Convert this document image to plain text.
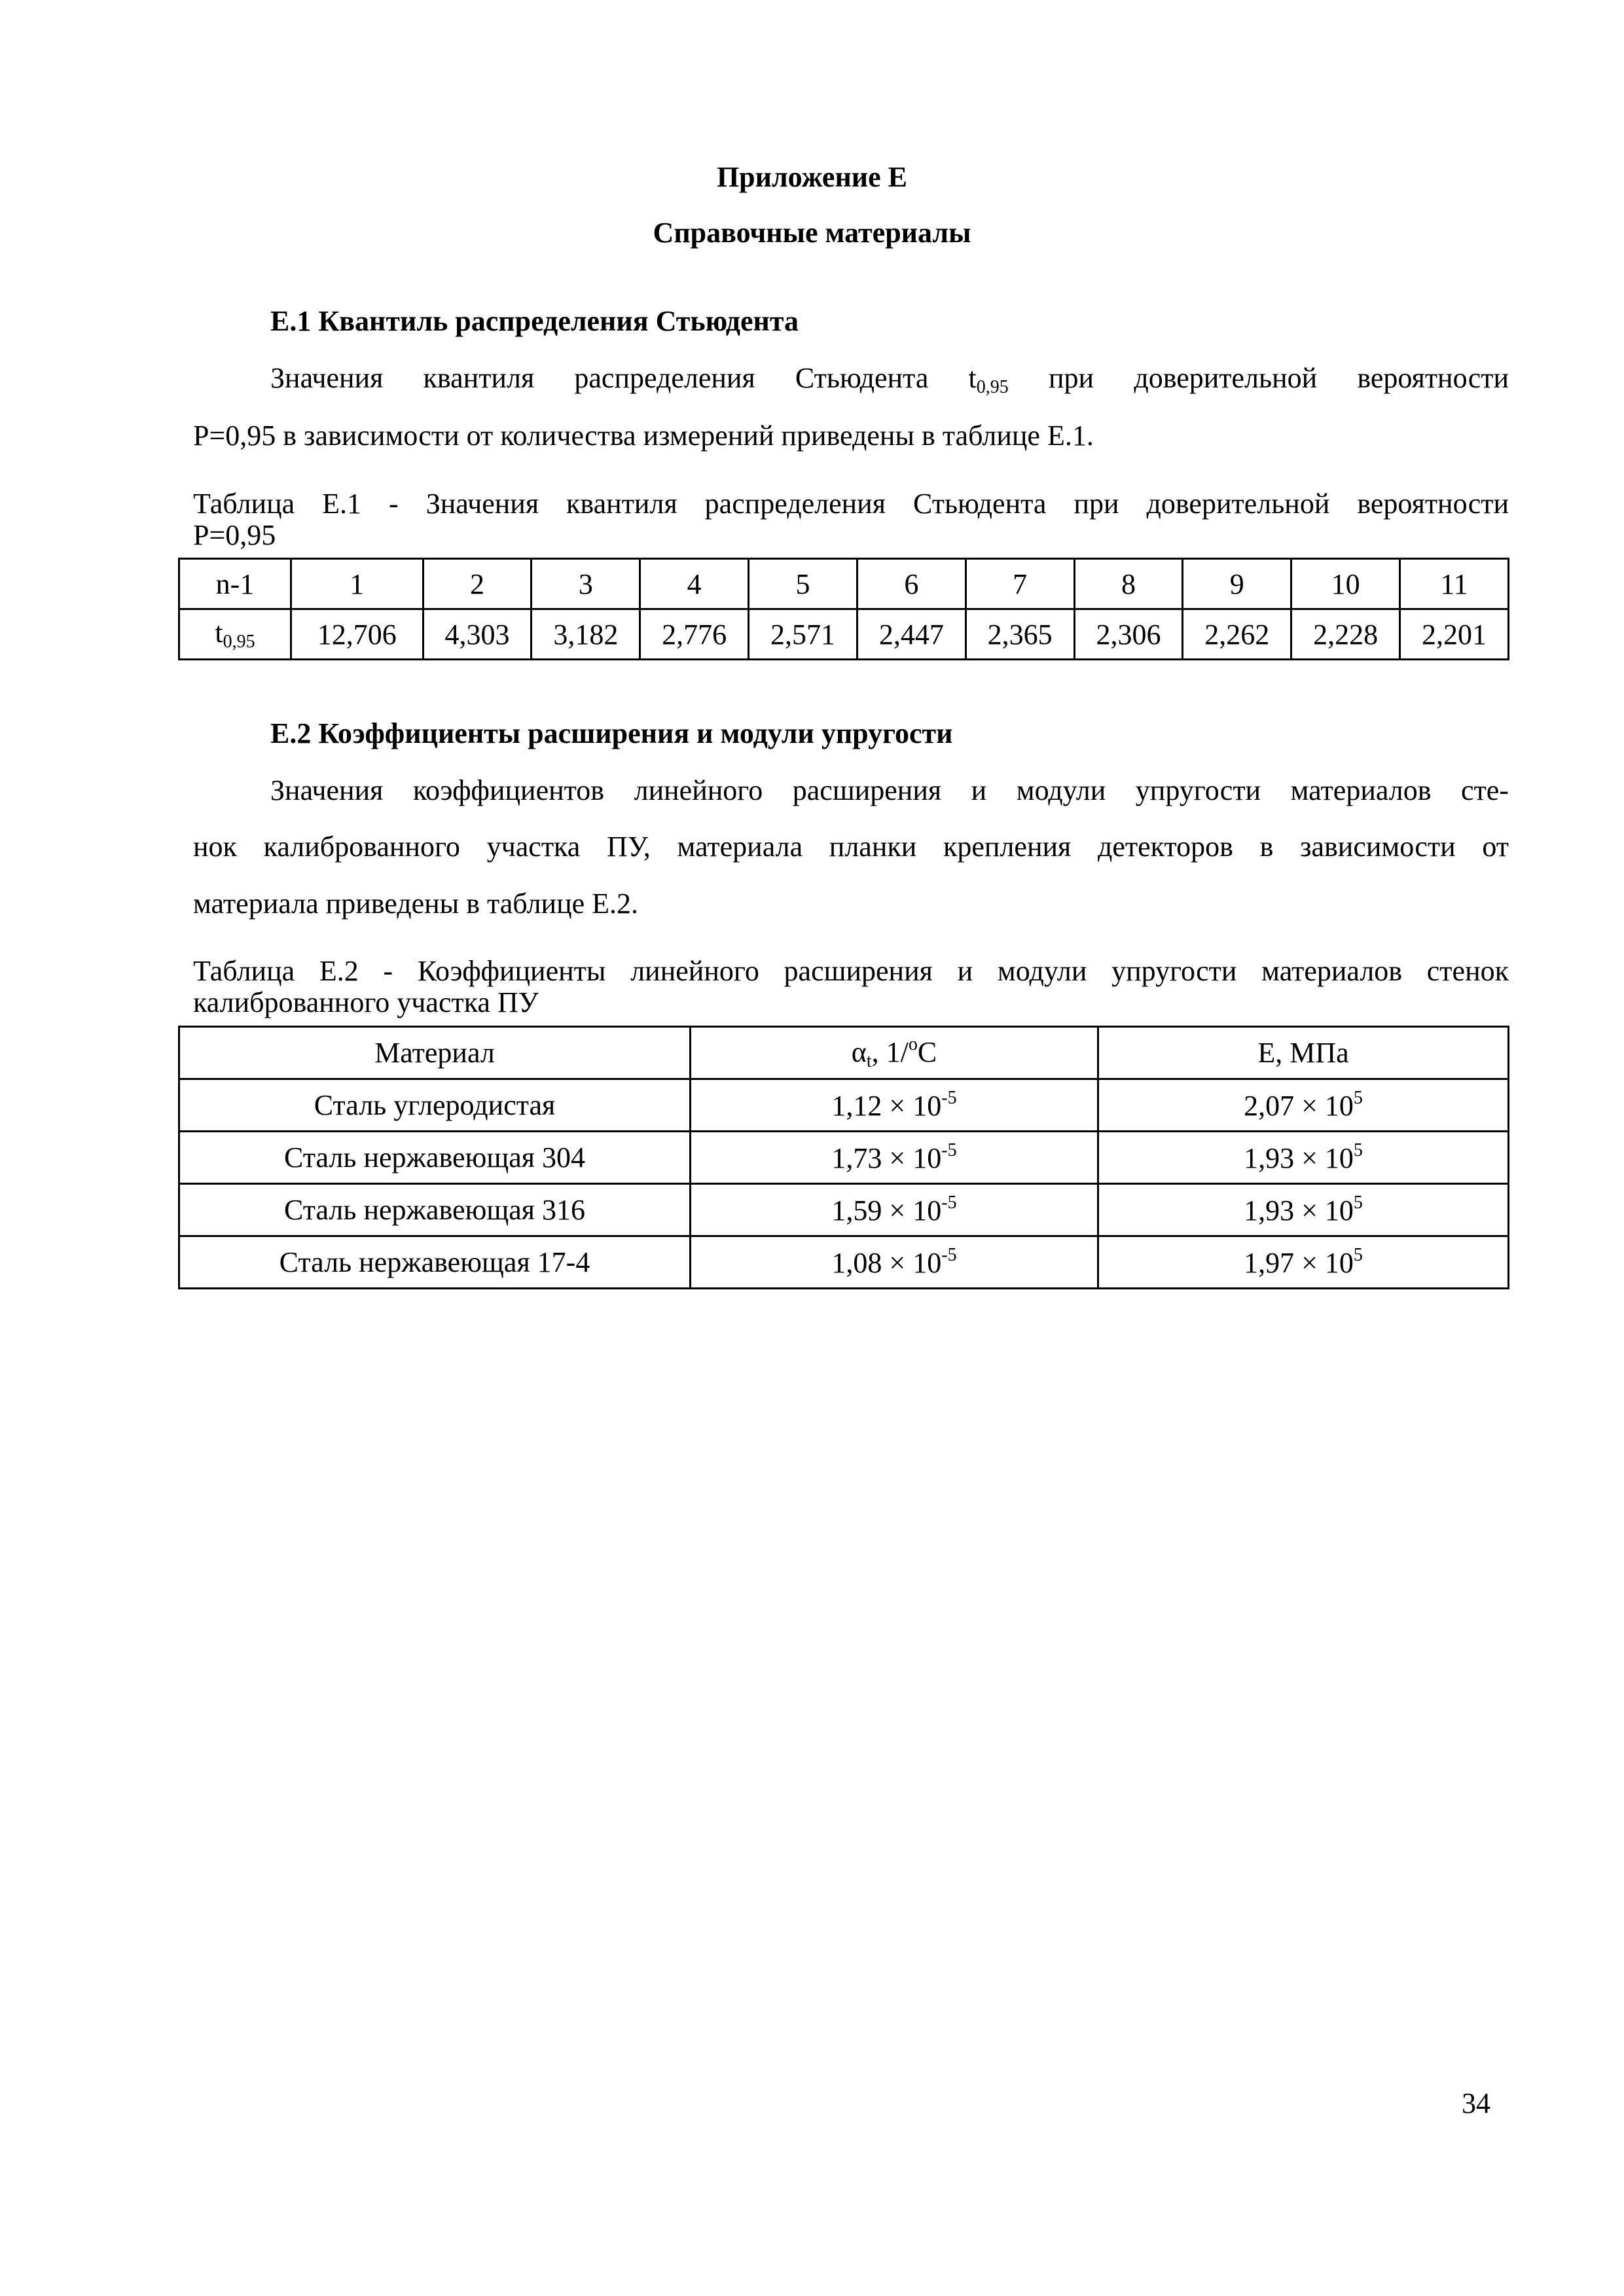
Приложение Е
Справочные материалы
Е.1 Квантиль распределения Стьюдента
Значения квантиля распределения Стьюдента $t_{0,95}$ при доверительной вероятности
Р=0,95 в зависимости от количества измерений приведены в таблице Е.1.
Таблица Е.1 - Значения квантиля распределения Стьюдента при доверительной вероятности
Р=0,95
n-1	1	2	3	4	5	6	7	8	9	10	11
$t_{0,95}$	12,706	4,303	3,182	2,776	2,571	2,447	2,365	2,306	2,262	2,228	2,201
Е.2 Коэффициенты расширения и модули упругости
Значения коэффициентов линейного расширения и модули упругости материалов сте-
нок калиброванного участка ПУ, материала планки крепления детекторов в зависимости от
материала приведены в таблице Е.2.
Таблица Е.2 - Коэффициенты линейного расширения и модули упругости материалов стенок
калиброванного участка ПУ
Материал	$\alpha_t$, 1/$^o$С	Е, МПа
Сталь углеродистая	$1,12 \times 10^{-5}$	$2,07 \times 10^5$
Сталь нержавеющая 304	$1,73 \times 10^{-5}$	$1,93 \times 10^5$
Сталь нержавеющая 316	$1,59 \times 10^{-5}$	$1,93 \times 10^5$
Сталь нержавеющая 17-4	$1,08 \times 10^{-5}$	$1,97 \times 10^5$
34
